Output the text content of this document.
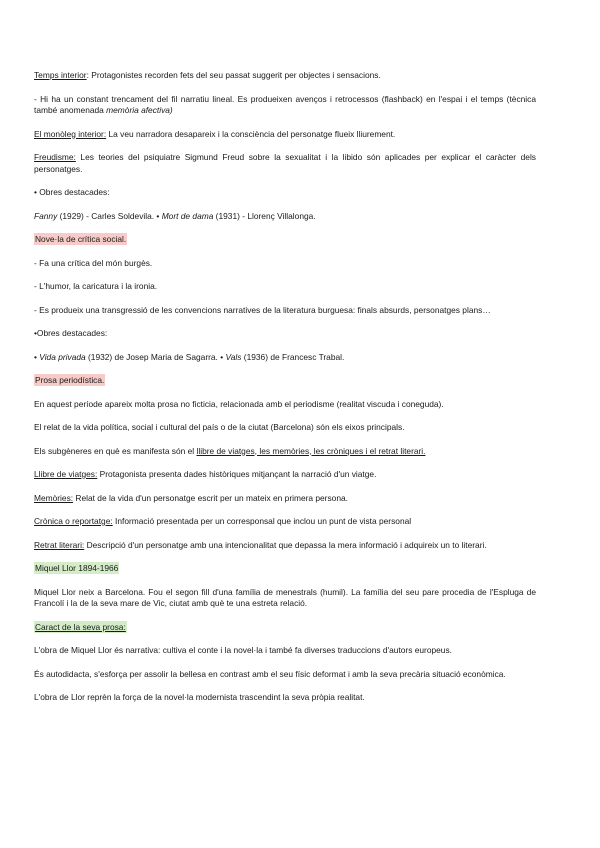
Temps interior: Protagonistes recorden fets del seu passat suggerit per objectes i sensacions.

- Hi ha un constant trencament del fil narratiu lineal. Es produeixen avenços i retrocessos (flashback) en l'espai i el temps (tècnica també anomenada memòria afectiva)

El monòleg interior: La veu narradora desapareix i la consciència del personatge flueix lliurement.

Freudisme: Les teories del psiquiatre Sigmund Freud sobre la sexualitat i la libido són aplicades per explicar el caràcter dels personatges.

• Obres destacades:

Fanny (1929) - Carles Soldevila. • Mort de dama (1931) - Llorenç Villalonga.

Nove·la de crítica social.

- Fa una crítica del món burgès.

- L'humor, la caricatura i la ironia.

- Es produeix una transgressió de les convencions narratives de la literatura burguesa: finals absurds, personatges plans…

•Obres destacades:

• Vida privada (1932) de Josep Maria de Sagarra. • Vals (1936) de Francesc Trabal.

Prosa periodística.

En aquest període apareix molta prosa no ficticia, relacionada amb el periodisme (realitat viscuda i coneguda).

El relat de la vida política, social i cultural del país o de la ciutat (Barcelona) són els eixos principals.

Els subgèneres en què es manifesta són el llibre de viatges, les memòries, les cròniques i el retrat literari.

Llibre de viatges: Protagonista presenta dades històriques mitjançant la narració d'un viatge.

Memòries: Relat de la vida d'un personatge escrit per un mateix en primera persona.

Crònica o reportatge: Informació presentada per un corresponsal que inclou un punt de vista personal

Retrat literari: Descripció d'un personatge amb una intencionalitat que depassa la mera informació i adquireix un to literari.

Miquel Llor 1894-1966

Miquel Llor neix a Barcelona. Fou el segon fill d'una família de menestrals (humil). La família del seu pare procedia de l'Espluga de Francolí i la de la seva mare de Vic, ciutat amb què te una estreta relació.

Caract de la seva prosa:

L'obra de Miquel Llor és narrativa: cultiva el conte i la novel·la i també fa diverses traduccions d'autors europeus.

És autodidacta, s'esforça per assolir la bellesa en contrast amb el seu físic deformat i amb la seva precària situació econòmica.

L'obra de Llor reprèn la força de la novel·la modernista trascendint la seva pròpia realitat.
